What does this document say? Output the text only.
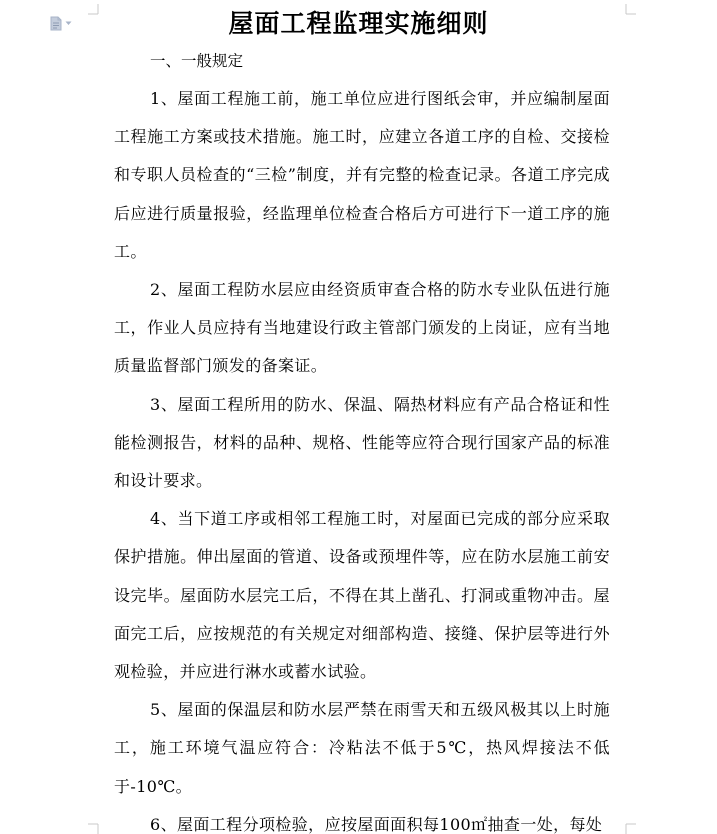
屋面工程监理实施细则
一、一般规定

1、屋面工程施工前，施工单位应进行图纸会审，并应编制屋面工程施工方案或技术措施。施工时，应建立各道工序的自检、交接检和专职人员检查的“三检”制度，并有完整的检查记录。各道工序完成后应进行质量报验，经监理单位检查合格后方可进行下一道工序的施工。

2、屋面工程防水层应由经资质审查合格的防水专业队伍进行施工，作业人员应持有当地建设行政主管部门颁发的上岗证，应有当地质量监督部门颁发的备案证。

3、屋面工程所用的防水、保温、隔热材料应有产品合格证和性能检测报告，材料的品种、规格、性能等应符合现行国家产品的标准和设计要求。

4、当下道工序或相邻工程施工时，对屋面已完成的部分应采取保护措施。伸出屋面的管道、设备或预埋件等，应在防水层施工前安设完毕。屋面防水层完工后，不得在其上凿孔、打洞或重物冲击。屋面完工后，应按规范的有关规定对细部构造、接缝、保护层等进行外观检验，并应进行淋水或蓄水试验。

5、屋面的保温层和防水层严禁在雨雪天和五级风极其以上时施工，施工环境气温应符合：冷粘法不低于5℃，热风焊接法不低于-10℃。

6、屋面工程分项检验，应按屋面面积每100㎡抽查一处，每处
